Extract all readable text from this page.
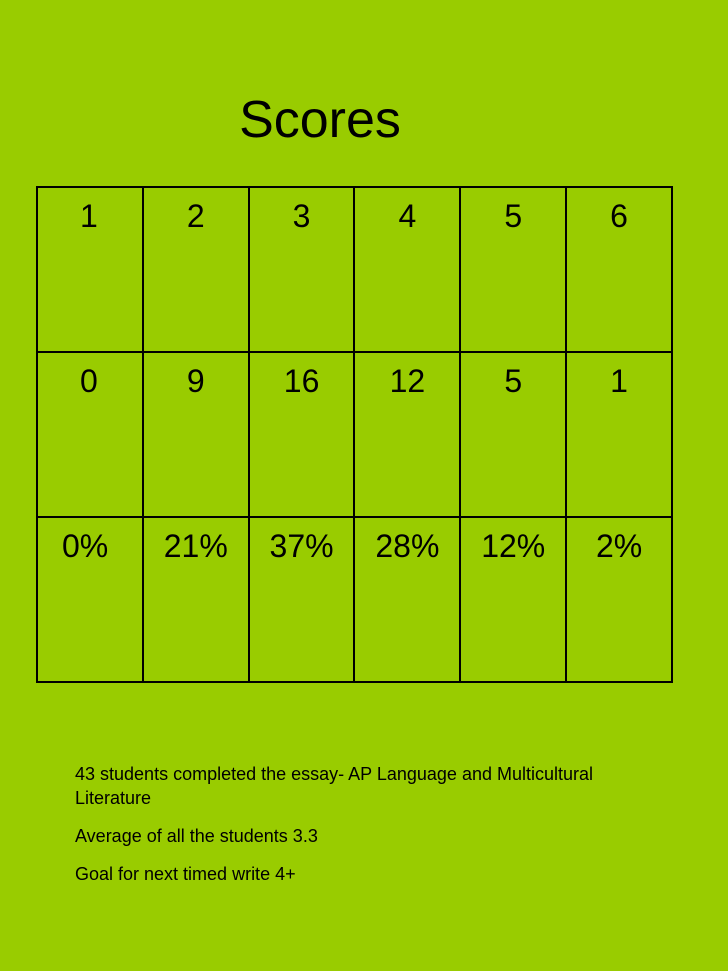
Scores
1	2	3	4	5	6
0	9	16	12	5	1
0%	21%	37%	28%	12%	2%

43 students completed the essay- AP Language and Multicultural Literature

Average of all the students 3.3

Goal for next timed write 4+
